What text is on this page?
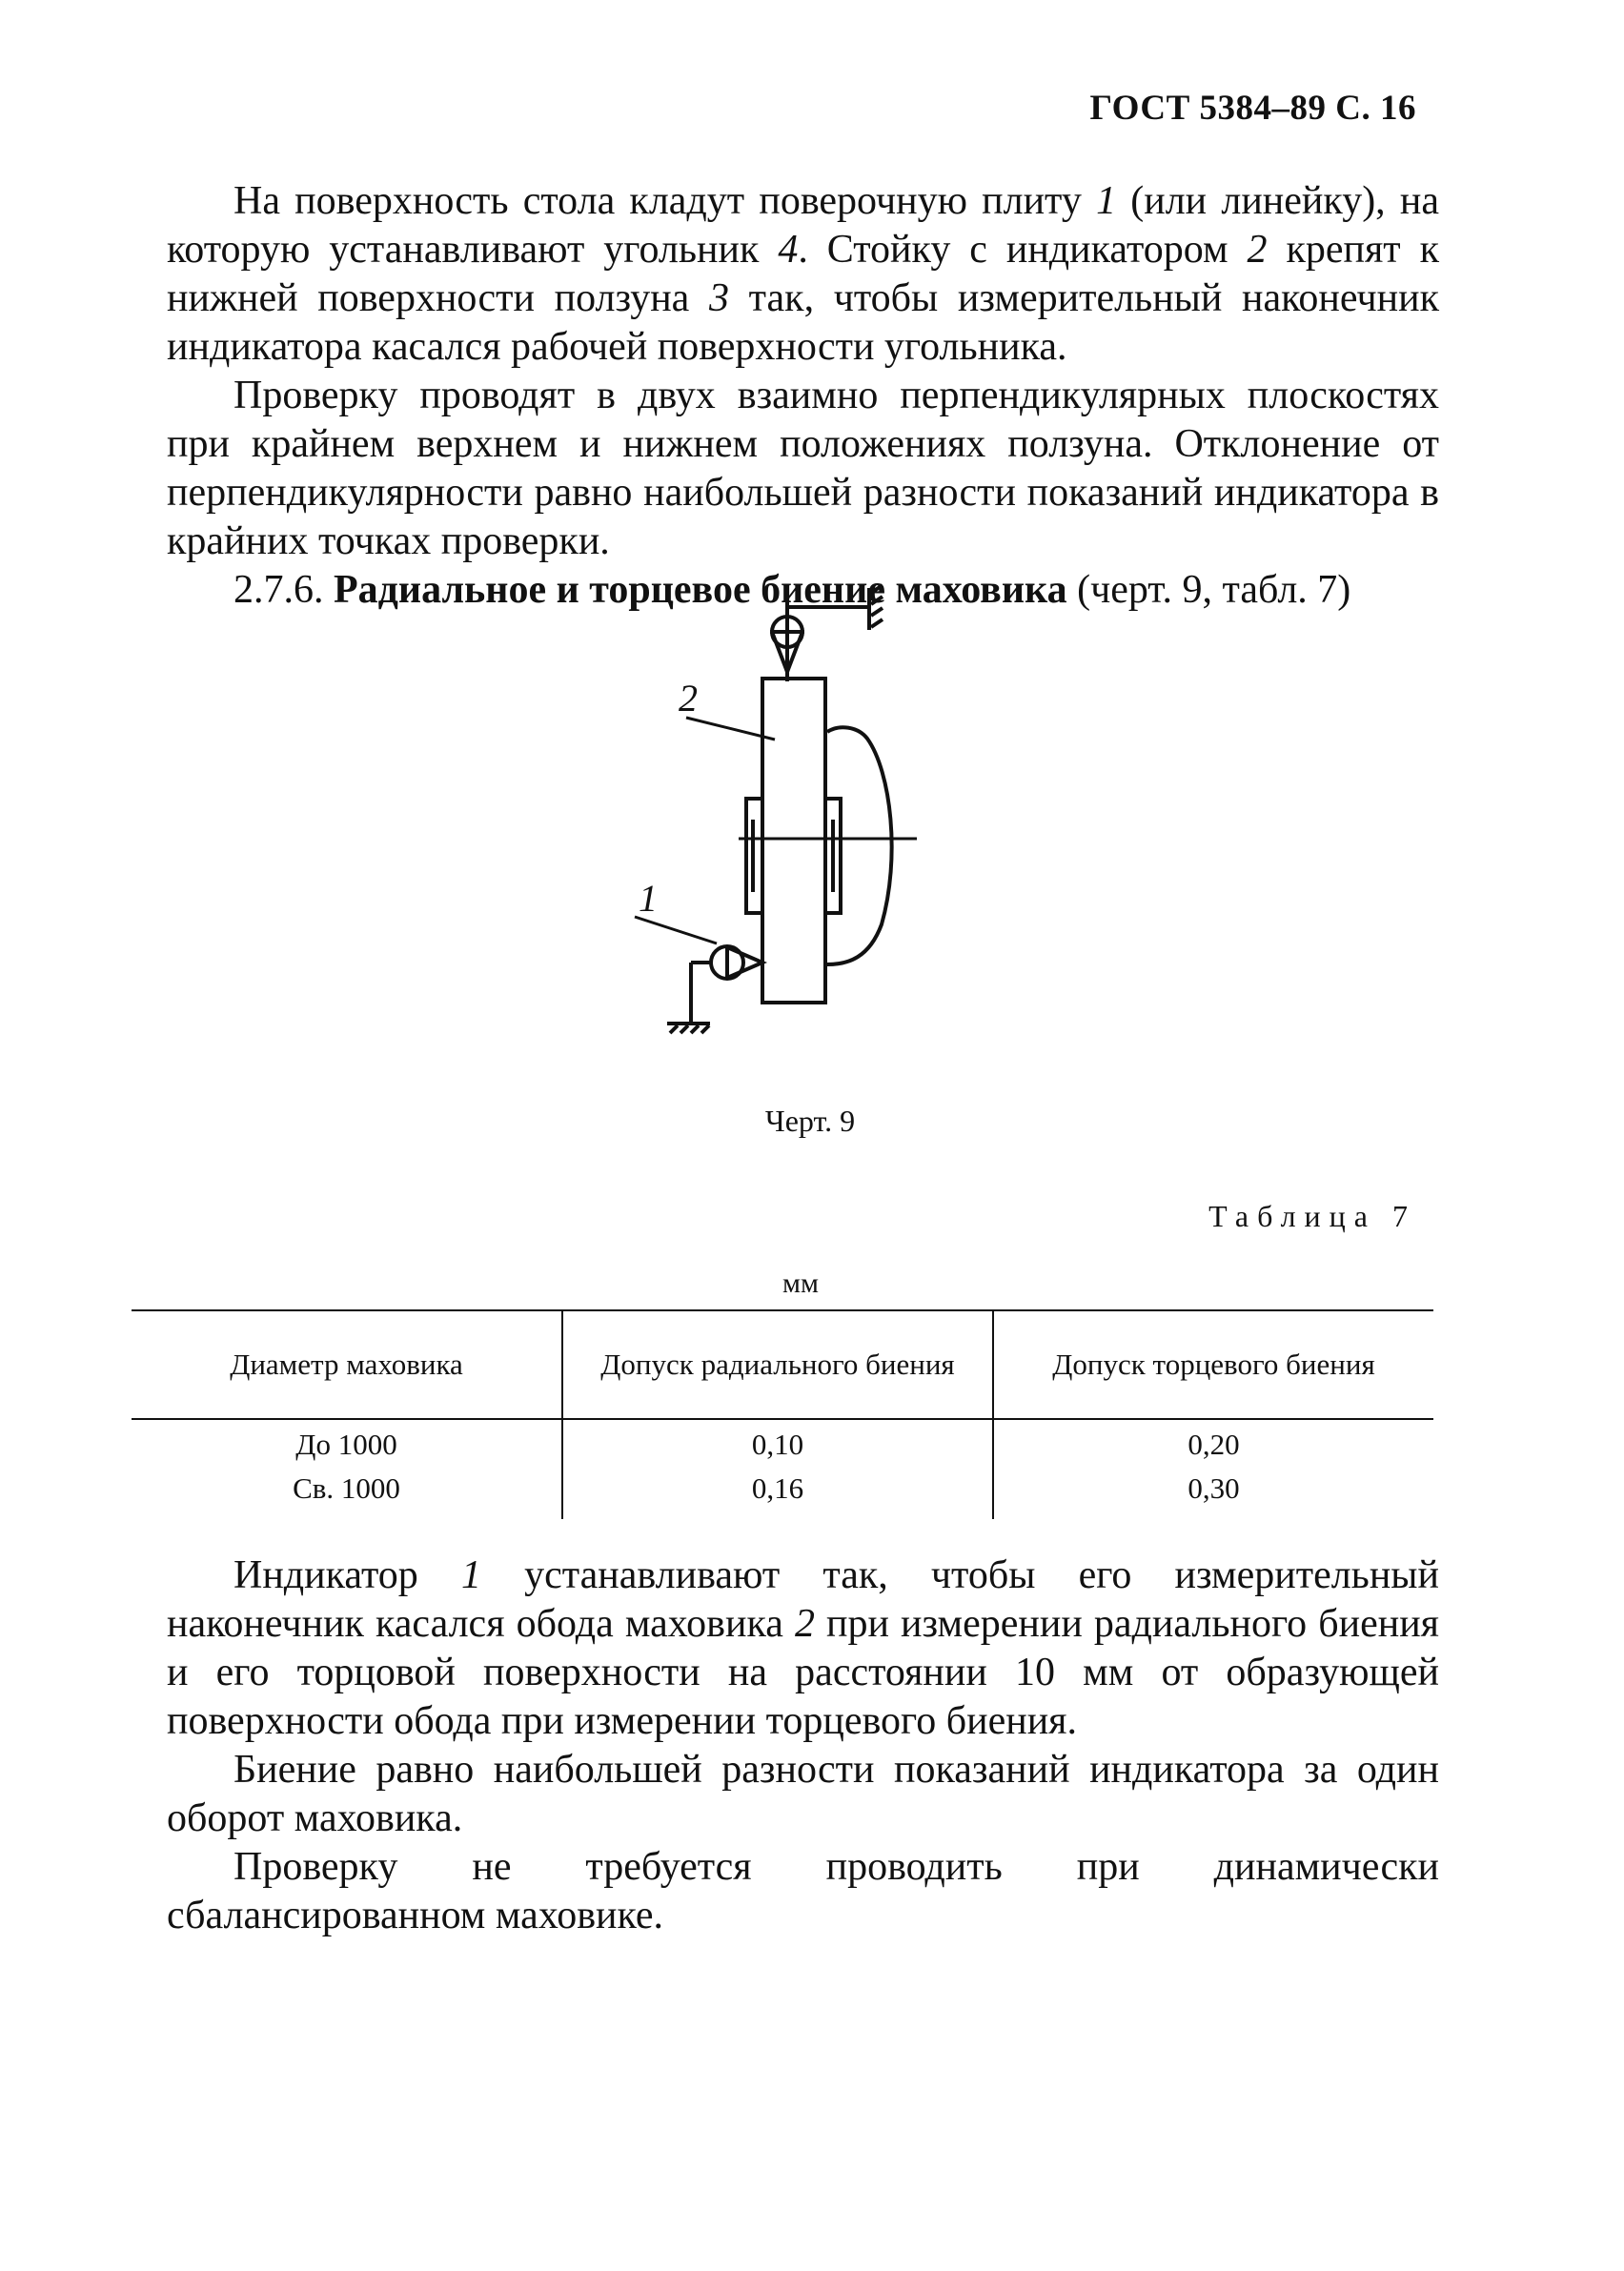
ГОСТ 5384–89 С. 16

На поверхность стола кладут поверочную плиту 1 (или линейку), на которую устанавливают угольник 4. Стойку с индикатором 2 крепят к нижней поверхности ползуна 3 так, чтобы измерительный наконечник индикатора касался рабочей поверхности угольника.

Проверку проводят в двух взаимно перпендикулярных плоскостях при крайнем верхнем и нижнем положениях ползуна. Отклонение от перпендикулярности равно наибольшей разности показаний индикатора в крайних точках проверки.

2.7.6. Радиальное и торцевое биение маховика (черт. 9, табл. 7)

2
1
Черт. 9
Таблица 7
мм
Диаметр маховика	Допуск радиального биения	Допуск торцевого биения
До 1000	0,10	0,20
Св. 1000	0,16	0,30

Индикатор 1 устанавливают так, чтобы его измерительный наконечник касался обода маховика 2 при измерении радиального биения и его торцовой поверхности на расстоянии 10 мм от образующей поверхности обода при измерении торцевого биения.

Биение равно наибольшей разности показаний индикатора за один оборот маховика.

Проверку не требуется проводить при динамически сбалансированном маховике.
